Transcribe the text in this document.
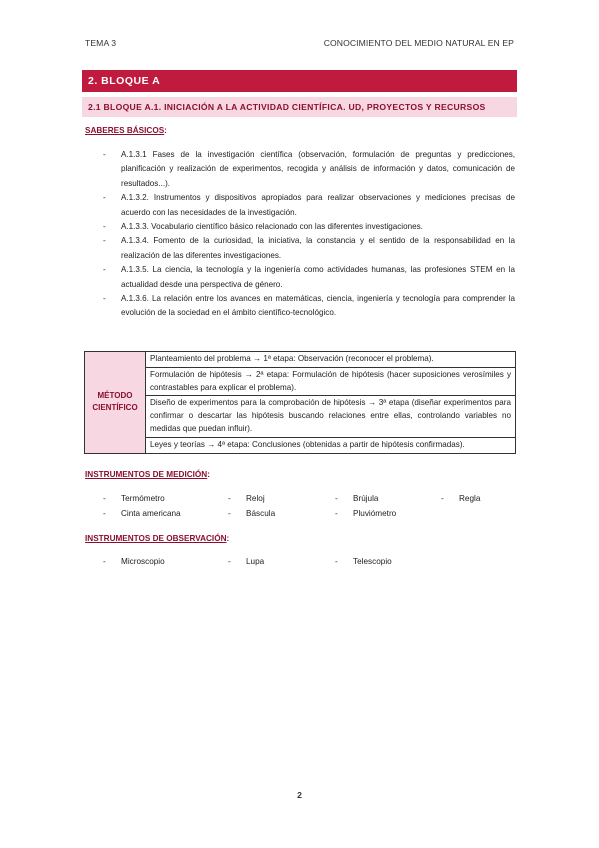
TEMA 3	CONOCIMIENTO DEL MEDIO NATURAL EN EP
2. BLOQUE A
2.1 BLOQUE A.1. INICIACIÓN A LA ACTIVIDAD CIENTÍFICA. UD, PROYECTOS Y RECURSOS
SABERES BÁSICOS:
- A.1.3.1 Fases de la investigación científica (observación, formulación de preguntas y predicciones, planificación y realización de experimentos, recogida y análisis de información y datos, comunicación de resultados...).
- A.1.3.2. Instrumentos y dispositivos apropiados para realizar observaciones y mediciones precisas de acuerdo con las necesidades de la investigación.
- A.1.3.3. Vocabulario científico básico relacionado con las diferentes investigaciones.
- A.1.3.4. Fomento de la curiosidad, la iniciativa, la constancia y el sentido de la responsabilidad en la realización de las diferentes investigaciones.
- A.1.3.5. La ciencia, la tecnología y la ingeniería como actividades humanas, las profesiones STEM en la actualidad desde una perspectiva de género.
- A.1.3.6. La relación entre los avances en matemáticas, ciencia, ingeniería y tecnología para comprender la evolución de la sociedad en el ámbito científico-tecnológico.
MÉTODO CIENTÍFICO	Planteamiento del problema → 1ª etapa: Observación (reconocer el problema).
Formulación de hipótesis → 2ª etapa: Formulación de hipótesis (hacer suposiciones verosímiles y contrastables para explicar el problema).
Diseño de experimentos para la comprobación de hipótesis → 3ª etapa (diseñar experimentos para confirmar o descartar las hipótesis buscando relaciones entre ellas, controlando variables no medidas que puedan influir).
Leyes y teorías → 4ª etapa: Conclusiones (obtenidas a partir de hipótesis confirmadas).
INSTRUMENTOS DE MEDICIÓN:
- Termómetro	- Reloj	- Brújula	- Regla
- Cinta americana	- Báscula	- Pluviómetro
INSTRUMENTOS DE OBSERVACIÓN:
- Microscopio	- Lupa	- Telescopio
2
